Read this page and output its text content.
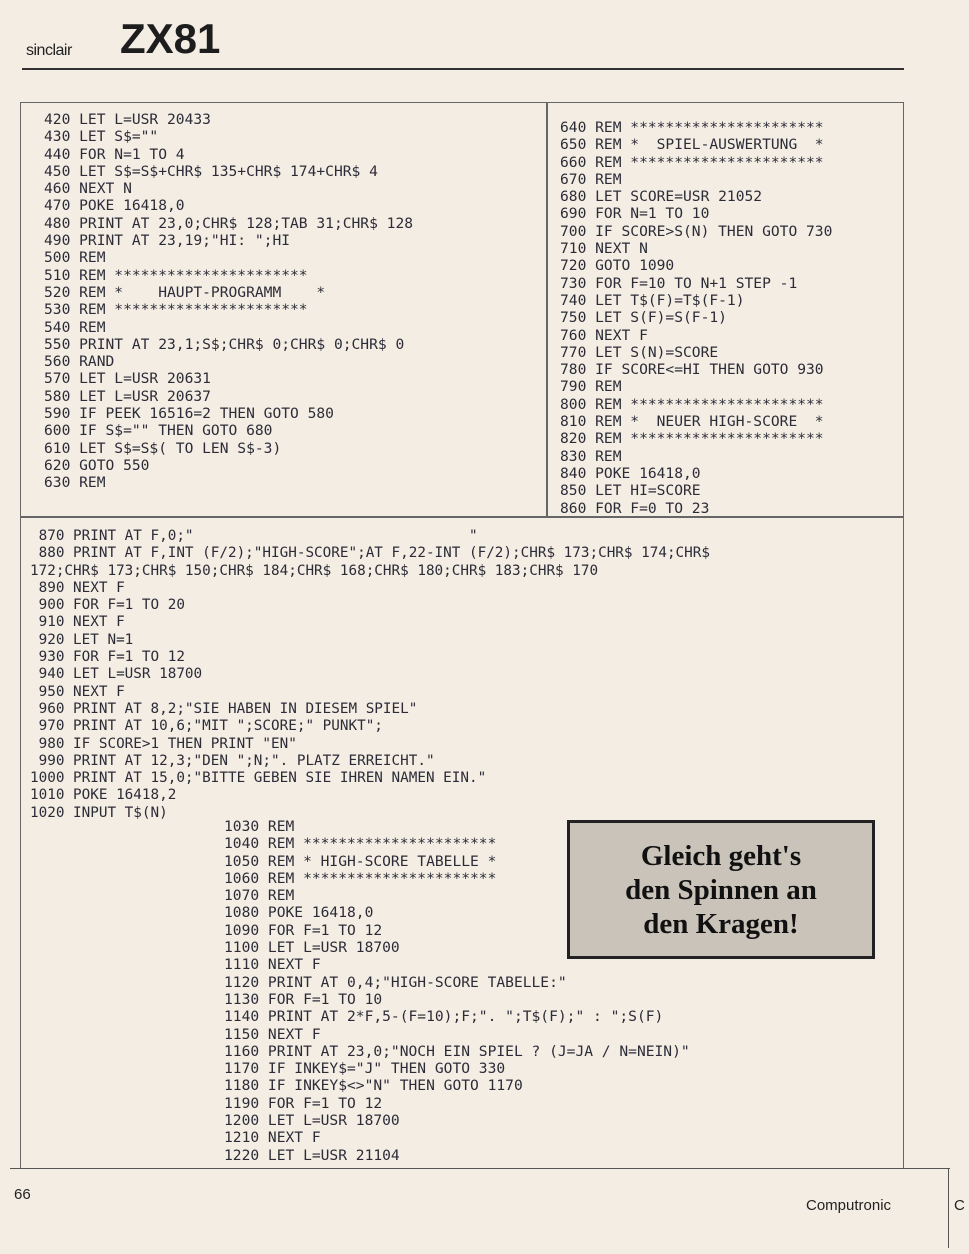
sinclair ZX81
420 LET L=USR 20433
430 LET S$=""
440 FOR N=1 TO 4
450 LET S$=S$+CHR$ 135+CHR$ 174+CHR$ 4
460 NEXT N
470 POKE 16418,0
480 PRINT AT 23,0;CHR$ 128;TAB 31;CHR$ 128
490 PRINT AT 23,19;"HI: ";HI
500 REM
510 REM **********************
520 REM *    HAUPT-PROGRAMM    *
530 REM **********************
540 REM
550 PRINT AT 23,1;S$;CHR$ 0;CHR$ 0;CHR$ 0
560 RAND
570 LET L=USR 20631
580 LET L=USR 20637
590 IF PEEK 16516=2 THEN GOTO 580
600 IF S$="" THEN GOTO 680
610 LET S$=S$( TO LEN S$-3)
620 GOTO 550
630 REM
640 REM **********************
650 REM *  SPIEL-AUSWERTUNG  *
660 REM **********************
670 REM
680 LET SCORE=USR 21052
690 FOR N=1 TO 10
700 IF SCORE>S(N) THEN GOTO 730
710 NEXT N
720 GOTO 1090
730 FOR F=10 TO N+1 STEP -1
740 LET T$(F)=T$(F-1)
750 LET S(F)=S(F-1)
760 NEXT F
770 LET S(N)=SCORE
780 IF SCORE<=HI THEN GOTO 930
790 REM
800 REM **********************
810 REM *  NEUER HIGH-SCORE  *
820 REM **********************
830 REM
840 POKE 16418,0
850 LET HI=SCORE
860 FOR F=0 TO 23
870 PRINT AT F,0;"                                "
880 PRINT AT F,INT (F/2);"HIGH-SCORE";AT F,22-INT (F/2);CHR$ 173;CHR$ 174;CHR$
172;CHR$ 173;CHR$ 150;CHR$ 184;CHR$ 168;CHR$ 180;CHR$ 183;CHR$ 170
890 NEXT F
900 FOR F=1 TO 20
910 NEXT F
920 LET N=1
930 FOR F=1 TO 12
940 LET L=USR 18700
950 NEXT F
960 PRINT AT 8,2;"SIE HABEN IN DIESEM SPIEL"
970 PRINT AT 10,6;"MIT ";SCORE;" PUNKT";
980 IF SCORE>1 THEN PRINT "EN"
990 PRINT AT 12,3;"DEN ";N;". PLATZ ERREICHT."
1000 PRINT AT 15,0;"BITTE GEBEN SIE IHREN NAMEN EIN."
1010 POKE 16418,2
1020 INPUT T$(N)
1030 REM
1040 REM **********************
1050 REM * HIGH-SCORE TABELLE *
1060 REM **********************
1070 REM
1080 POKE 16418,0
1090 FOR F=1 TO 12
1100 LET L=USR 18700
1110 NEXT F
1120 PRINT AT 0,4;"HIGH-SCORE TABELLE:"
1130 FOR F=1 TO 10
1140 PRINT AT 2*F,5-(F=10);F;". ";T$(F);" : ";S(F)
1150 NEXT F
1160 PRINT AT 23,0;"NOCH EIN SPIEL ? (J=JA / N=NEIN)"
1170 IF INKEY$="J" THEN GOTO 330
1180 IF INKEY$<>"N" THEN GOTO 1170
1190 FOR F=1 TO 12
1200 LET L=USR 18700
1210 NEXT F
1220 LET L=USR 21104
Gleich geht's
den Spinnen an
den Kragen!
66
Computronic	C
